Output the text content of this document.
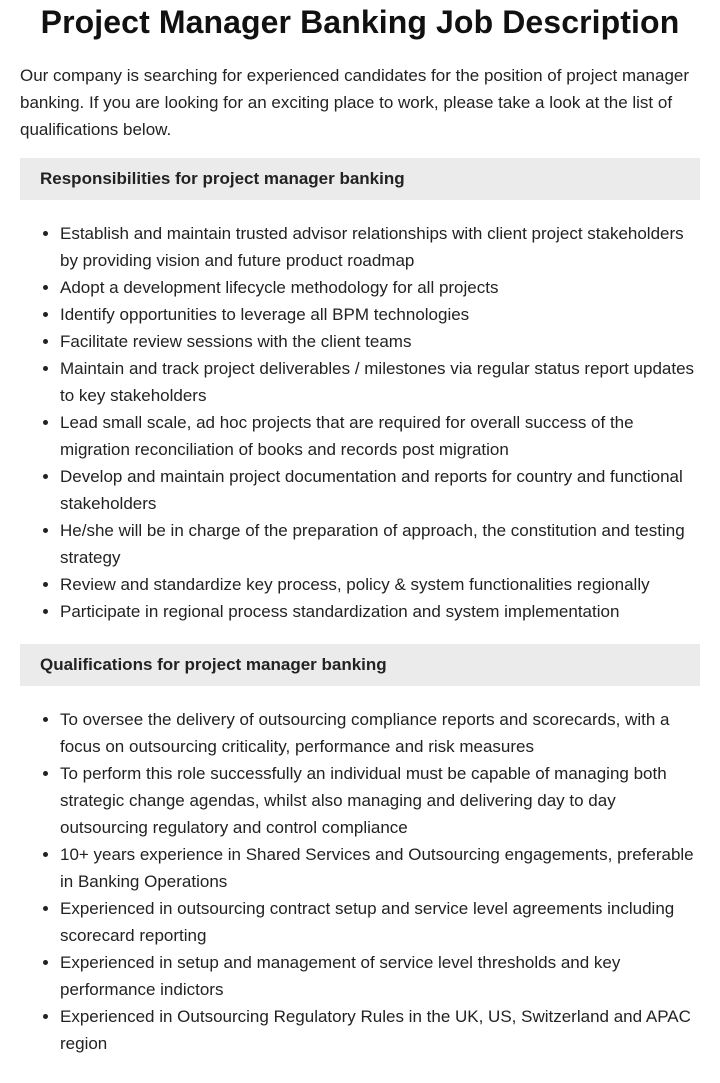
Project Manager Banking Job Description

Our company is searching for experienced candidates for the position of project manager banking. If you are looking for an exciting place to work, please take a look at the list of qualifications below.

Responsibilities for project manager banking
Establish and maintain trusted advisor relationships with client project stakeholders by providing vision and future product roadmap
Adopt a development lifecycle methodology for all projects
Identify opportunities to leverage all BPM technologies
Facilitate review sessions with the client teams
Maintain and track project deliverables / milestones via regular status report updates to key stakeholders
Lead small scale, ad hoc projects that are required for overall success of the migration reconciliation of books and records post migration
Develop and maintain project documentation and reports for country and functional stakeholders
He/she will be in charge of the preparation of approach, the constitution and testing strategy
Review and standardize key process, policy & system functionalities regionally
Participate in regional process standardization and system implementation
Qualifications for project manager banking
To oversee the delivery of outsourcing compliance reports and scorecards, with a focus on outsourcing criticality, performance and risk measures
To perform this role successfully an individual must be capable of managing both strategic change agendas, whilst also managing and delivering day to day outsourcing regulatory and control compliance
10+ years experience in Shared Services and Outsourcing engagements, preferable in Banking Operations
Experienced in outsourcing contract setup and service level agreements including scorecard reporting
Experienced in setup and management of service level thresholds and key performance indictors
Experienced in Outsourcing Regulatory Rules in the UK, US, Switzerland and APAC region
